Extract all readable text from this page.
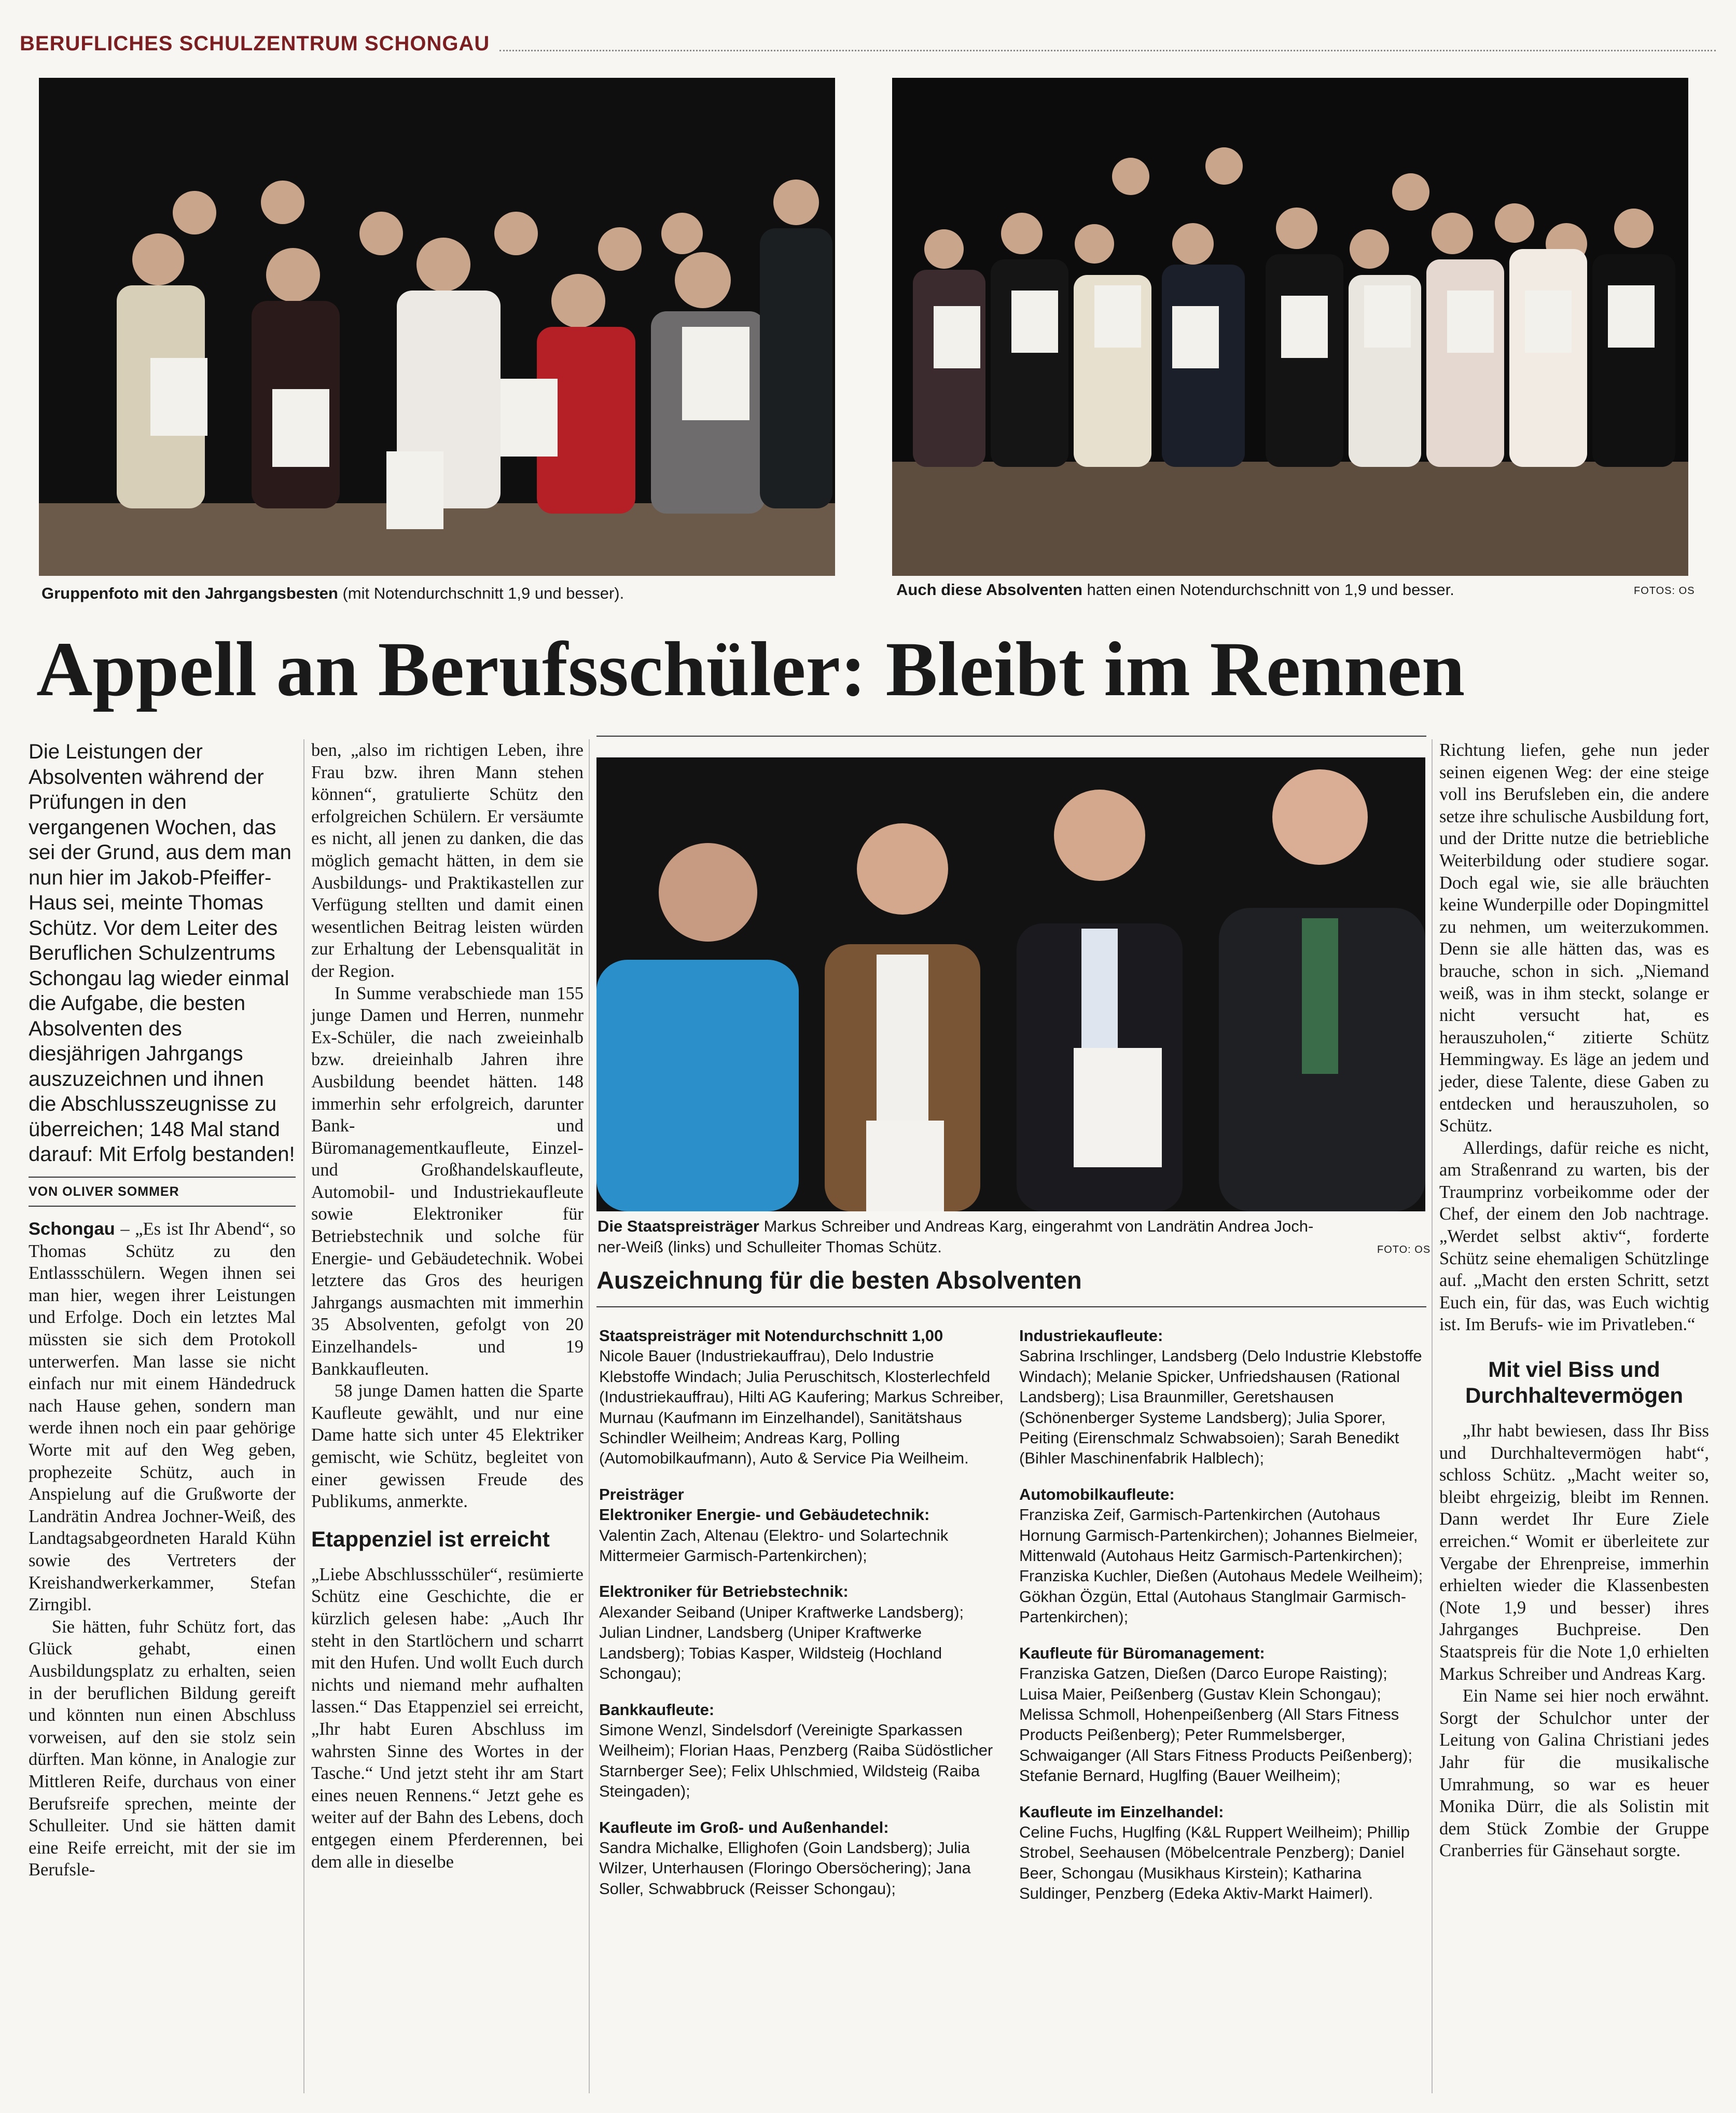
BERUFLICHES SCHULZENTRUM SCHONGAU
Gruppenfoto mit den Jahrgangsbesten (mit Notendurchschnitt 1,9 und besser).	Auch diese Absolventen hatten einen Notendurchschnitt von 1,9 und besser.	FOTOS: OS
Appell an Berufsschüler: Bleibt im Rennen
Die Leistungen der Absolventen während der Prüfungen in den vergangenen Wochen, das sei der Grund, aus dem man nun hier im Jakob-Pfeiffer-Haus sei, meinte Thomas Schütz. Vor dem Leiter des Beruflichen Schulzentrums Schongau lag wieder einmal die Aufgabe, die besten Absolventen des diesjährigen Jahrgangs auszuzeichnen und ihnen die Abschlusszeugnisse zu überreichen; 148 Mal stand darauf: Mit Erfolg bestanden!
VON OLIVER SOMMER

Schongau – „Es ist Ihr Abend“, so Thomas Schütz zu den Entlassschülern. Wegen ihnen sei man hier, wegen ihrer Leistungen und Erfolge. Doch ein letztes Mal müssten sie sich dem Protokoll unterwerfen. Man lasse sie nicht einfach nur mit einem Händedruck nach Hause gehen, sondern man werde ihnen noch ein paar gehörige Worte mit auf den Weg geben, prophezeite Schütz, auch in Anspielung auf die Grußworte der Landrätin Andrea Jochner-Weiß, des Landtagsabgeordneten Harald Kühn sowie des Vertreters der Kreishandwerkerkammer, Stefan Zirngibl.

Sie hätten, fuhr Schütz fort, das Glück gehabt, einen Ausbildungsplatz zu erhalten, seien in der beruflichen Bildung gereift und könnten nun einen Abschluss vorweisen, auf den sie stolz sein dürften. Man könne, in Analogie zur Mittleren Reife, durchaus von einer Berufsreife sprechen, meinte der Schulleiter. Und sie hätten damit eine Reife erreicht, mit der sie im Berufsle-

ben, „also im richtigen Leben, ihre Frau bzw. ihren Mann stehen können“, gratulierte Schütz den erfolgreichen Schülern. Er versäumte es nicht, all jenen zu danken, die das möglich gemacht hätten, in dem sie Ausbildungs- und Praktikastellen zur Verfügung stellten und damit einen wesentlichen Beitrag leisten würden zur Erhaltung der Lebensqualität in der Region.

In Summe verabschiede man 155 junge Damen und Herren, nunmehr Ex-Schüler, die nach zweieinhalb bzw. dreieinhalb Jahren ihre Ausbildung beendet hätten. 148 immerhin sehr erfolgreich, darunter Bank- und Büromanagementkaufleute, Einzel- und Großhandelskaufleute, Automobil- und Industriekaufleute sowie Elektroniker für Betriebstechnik und solche für Energie- und Gebäudetechnik. Wobei letztere das Gros des heurigen Jahrgangs ausmachten mit immerhin 35 Absolventen, gefolgt von 20 Einzelhandels- und 19 Bankkaufleuten.

58 junge Damen hatten die Sparte Kaufleute gewählt, und nur eine Dame hatte sich unter 45 Elektriker gemischt, wie Schütz, begleitet von einer gewissen Freude des Publikums, anmerkte.

Etappenziel ist erreicht

„Liebe Abschlussschüler“, resümierte Schütz eine Geschichte, die er kürzlich gelesen habe: „Auch Ihr steht in den Startlöchern und scharrt mit den Hufen. Und wollt Euch durch nichts und niemand mehr aufhalten lassen.“ Das Etappenziel sei erreicht, „Ihr habt Euren Abschluss im wahrsten Sinne des Wortes in der Tasche.“ Und jetzt steht ihr am Start eines neuen Rennens.“ Jetzt gehe es weiter auf der Bahn des Lebens, doch entgegen einem Pferderennen, bei dem alle in dieselbe

Die Staatspreisträger Markus Schreiber und Andreas Karg, eingerahmt von Landrätin Andrea Joch-
ner-Weiß (links) und Schulleiter Thomas Schütz.	FOTO: OS
Auszeichnung für die besten Absolventen
Staatspreisträger mit Notendurchschnitt 1,00
Nicole Bauer (Industriekauffrau), Delo Industrie Klebstoffe Windach; Julia Peruschitsch, Klosterlechfeld (Industriekauffrau), Hilti AG Kaufering; Markus Schreiber, Murnau (Kaufmann im Einzelhandel), Sanitätshaus Schindler Weilheim; Andreas Karg, Polling (Automobilkaufmann), Auto & Service Pia Weilheim.
Preisträger
Elektroniker Energie- und Gebäudetechnik:
Valentin Zach, Altenau (Elektro- und Solartechnik Mittermeier Garmisch-Partenkirchen);
Elektroniker für Betriebstechnik:
Alexander Seiband (Uniper Kraftwerke Landsberg); Julian Lindner, Landsberg (Uniper Kraftwerke Landsberg); Tobias Kasper, Wildsteig (Hochland Schongau);
Bankkaufleute:
Simone Wenzl, Sindelsdorf (Vereinigte Sparkassen Weilheim); Florian Haas, Penzberg (Raiba Südöstlicher Starnberger See); Felix Uhlschmied, Wildsteig (Raiba Steingaden);
Kaufleute im Groß- und Außenhandel:
Sandra Michalke, Ellighofen (Goin Landsberg); Julia Wilzer, Unterhausen (Floringo Obersöchering); Jana Soller, Schwabbruck (Reisser Schongau);
Industriekaufleute:
Sabrina Irschlinger, Landsberg (Delo Industrie Klebstoffe Windach); Melanie Spicker, Unfriedshausen (Rational Landsberg); Lisa Braunmiller, Geretshausen (Schönenberger Systeme Landsberg); Julia Sporer, Peiting (Eirenschmalz Schwabsoien); Sarah Benedikt (Bihler Maschinenfabrik Halblech);
Automobilkaufleute:
Franziska Zeif, Garmisch-Partenkirchen (Autohaus Hornung Garmisch-Partenkirchen); Johannes Bielmeier, Mittenwald (Autohaus Heitz Garmisch-Partenkirchen); Franziska Kuchler, Dießen (Autohaus Medele Weilheim); Gökhan Özgün, Ettal (Autohaus Stanglmair Garmisch-Partenkirchen);
Kaufleute für Büromanagement:
Franziska Gatzen, Dießen (Darco Europe Raisting); Luisa Maier, Peißenberg (Gustav Klein Schongau); Melissa Schmoll, Hohenpeißenberg (All Stars Fitness Products Peißenberg); Peter Rummelsberger, Schwaiganger (All Stars Fitness Products Peißenberg); Stefanie Bernard, Huglfing (Bauer Weilheim);
Kaufleute im Einzelhandel:
Celine Fuchs, Huglfing (K&L Ruppert Weilheim); Phillip Strobel, Seehausen (Möbelcentrale Penzberg); Daniel Beer, Schongau (Musikhaus Kirstein); Katharina Suldinger, Penzberg (Edeka Aktiv-Markt Haimerl).

Richtung liefen, gehe nun jeder seinen eigenen Weg: der eine steige voll ins Berufsleben ein, die andere setze ihre schulische Ausbildung fort, und der Dritte nutze die betriebliche Weiterbildung oder studiere sogar. Doch egal wie, sie alle bräuchten keine Wunderpille oder Dopingmittel zu nehmen, um weiterzukommen. Denn sie alle hätten das, was es brauche, schon in sich. „Niemand weiß, was in ihm steckt, solange er nicht versucht hat, es herauszuholen,“ zitierte Schütz Hemmingway. Es läge an jedem und jeder, diese Talente, diese Gaben zu entdecken und herauszuholen, so Schütz.

Allerdings, dafür reiche es nicht, am Straßenrand zu warten, bis der Traumprinz vorbeikomme oder der Chef, der einem den Job nachtrage. „Werdet selbst aktiv“, forderte Schütz seine ehemaligen Schützlinge auf. „Macht den ersten Schritt, setzt Euch ein, für das, was Euch wichtig ist. Im Berufs- wie im Privatleben.“

Mit viel Biss und Durchhaltevermögen

„Ihr habt bewiesen, dass Ihr Biss und Durchhaltevermögen habt“, schloss Schütz. „Macht weiter so, bleibt ehrgeizig, bleibt im Rennen. Dann werdet Ihr Eure Ziele erreichen.“ Womit er überleitete zur Vergabe der Ehrenpreise, immerhin erhielten wieder die Klassenbesten (Note 1,9 und besser) ihres Jahrganges Buchpreise. Den Staatspreis für die Note 1,0 erhielten Markus Schreiber und Andreas Karg.

Ein Name sei hier noch erwähnt. Sorgt der Schulchor unter der Leitung von Galina Christiani jedes Jahr für die musikalische Umrahmung, so war es heuer Monika Dürr, die als Solistin mit dem Stück Zombie der Gruppe Cranberries für Gänsehaut sorgte.
